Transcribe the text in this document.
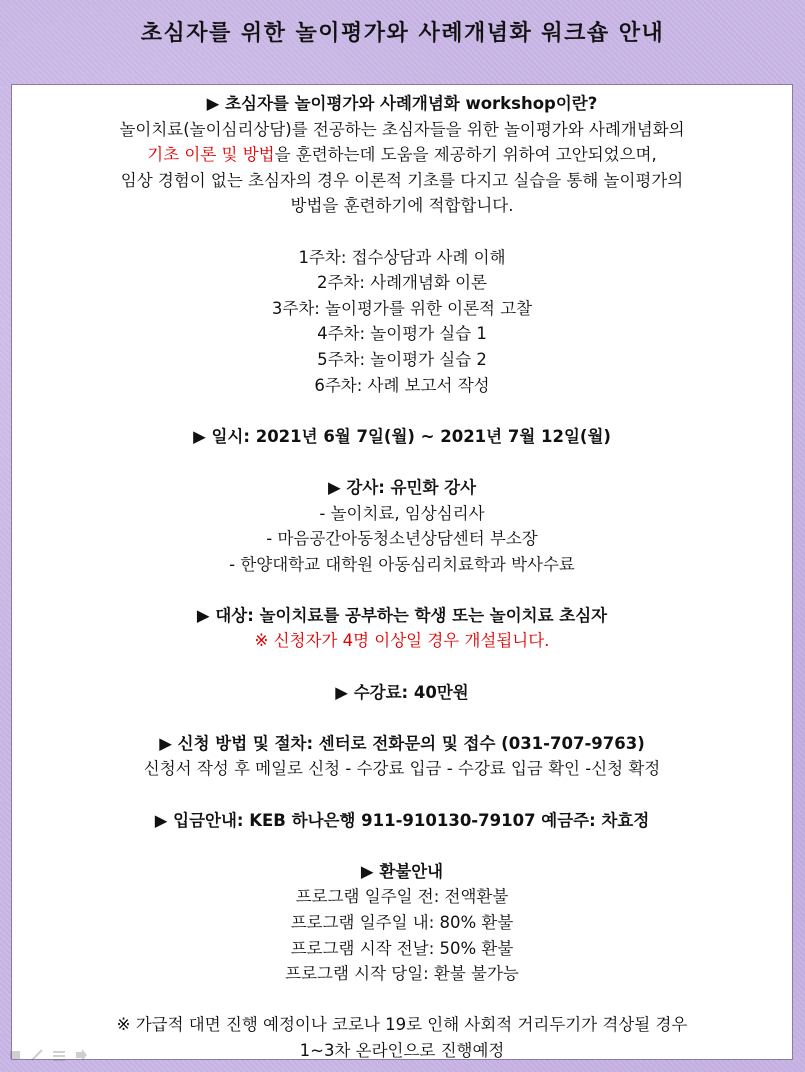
초심자를 위한 놀이평가와 사례개념화 워크숍 안내
▶ 초심자를 놀이평가와 사례개념화 workshop이란?
놀이치료(놀이심리상담)를 전공하는 초심자들을 위한 놀이평가와 사례개념화의
기초 이론 및 방법을 훈련하는데 도움을 제공하기 위하여 고안되었으며,
임상 경험이 없는 초심자의 경우 이론적 기초를 다지고 실습을 통해 놀이평가의
방법을 훈련하기에 적합합니다.
1주차: 접수상담과 사례 이해
2주차: 사례개념화 이론
3주차: 놀이평가를 위한 이론적 고찰
4주차: 놀이평가 실습 1
5주차: 놀이평가 실습 2
6주차: 사례 보고서 작성
▶ 일시: 2021년 6월 7일(월) ~ 2021년 7월 12일(월)
▶ 강사: 유민화 강사
- 놀이치료, 임상심리사
- 마음공간아동청소년상담센터 부소장
- 한양대학교 대학원 아동심리치료학과 박사수료
▶ 대상: 놀이치료를 공부하는 학생 또는 놀이치료 초심자
※ 신청자가 4명 이상일 경우 개설됩니다.
▶ 수강료: 40만원
▶ 신청 방법 및 절차: 센터로 전화문의 및 접수 (031-707-9763)
신청서 작성 후 메일로 신청 - 수강료 입금 - 수강료 입금 확인 -신청 확정
▶ 입금안내: KEB 하나은행 911-910130-79107 예금주: 차효정
▶ 환불안내
프로그램 일주일 전: 전액환불
프로그램 일주일 내: 80% 환불
프로그램 시작 전날: 50% 환불
프로그램 시작 당일: 환불 불가능
※ 가급적 대면 진행 예정이나 코로나 19로 인해 사회적 거리두기가 격상될 경우
1~3차 온라인으로 진행예정
